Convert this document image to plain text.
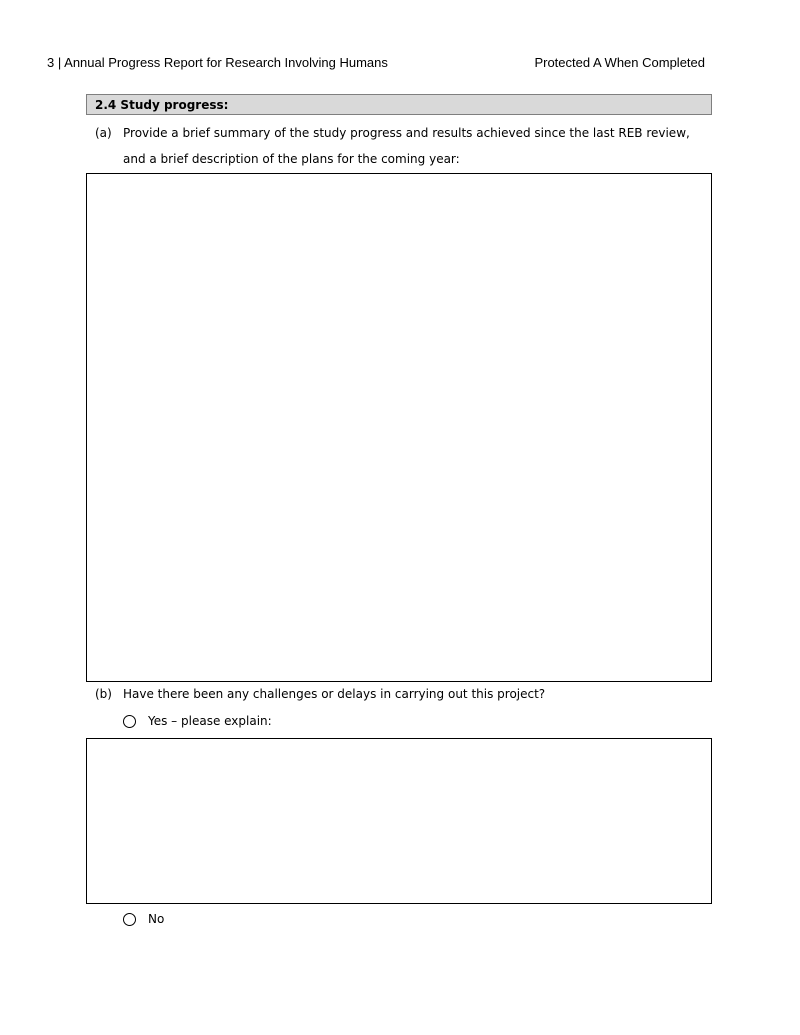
3 | Annual Progress Report for Research Involving Humans	Protected A When Completed
2.4 Study progress:
(a) Provide a brief summary of the study progress and results achieved since the last REB review, and a brief description of the plans for the coming year:
(b) Have there been any challenges or delays in carrying out this project?
Yes – please explain:
No
